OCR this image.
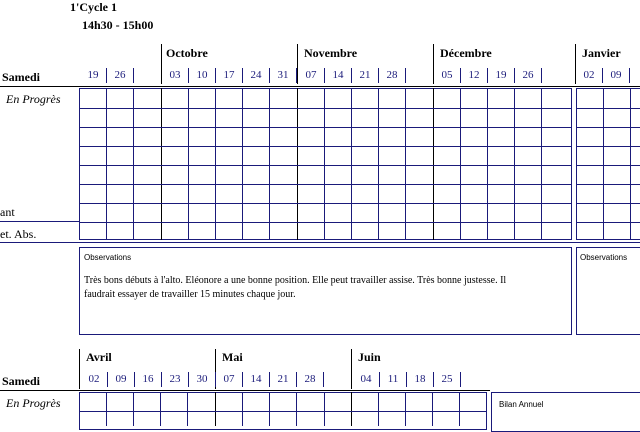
1'Cycle 1
14h30 - 15h00
Octobre	Novembre	Décembre	Janvier
Samedi	19	26	03	10	17	24	31	07	14	21	28	05	12	19	26	02	09
En Progrès
ant
et. Abs.
Observations
Très bons débuts à l'alto. Eléonore a une bonne position. Elle peut travailler assise. Très bonne justesse. Il
faudrait essayer de travailler 15 minutes chaque jour.
Observations
Avril	Mai	Juin
Samedi	02	09	16	23	30	07	14	21	28	04	11	18	25
En Progrès	Bilan Annuel
